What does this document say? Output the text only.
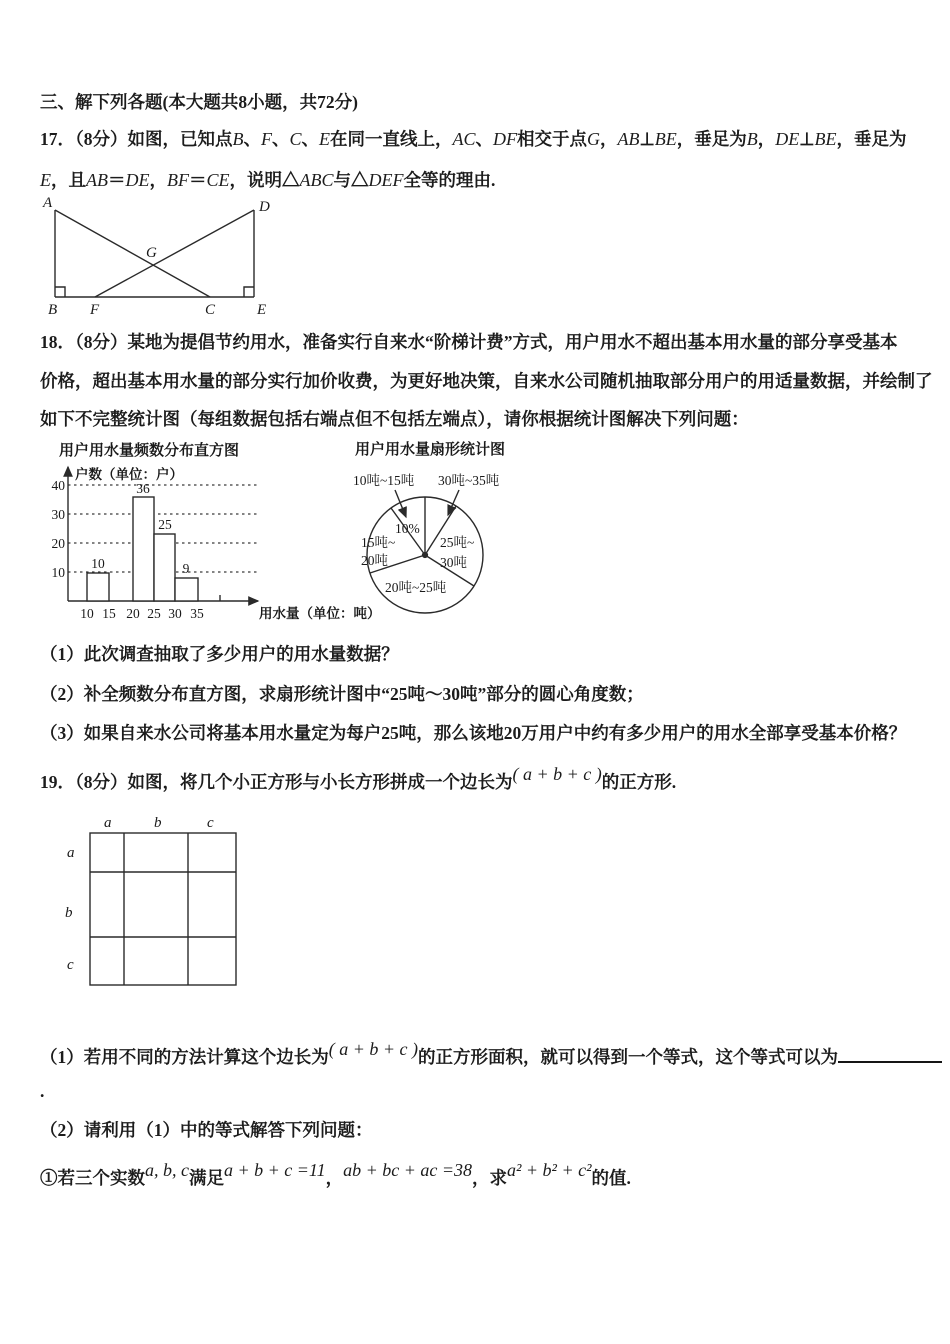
三、解下列各题(本大题共8小题，共72分)
17．（8分）如图，已知点B、F、C、E在同一直线上，AC、DF相交于点G，AB⊥BE，垂足为B，DE⊥BE，垂足为
E，且AB＝DE，BF＝CE，说明△ABC与△DEF全等的理由.
A	D
G
B F	C	E
18．（8分）某地为提倡节约用水，准备实行自来水“阶梯计费”方式，用户用水不超出基本用水量的部分享受基本
价格，超出基本用水量的部分实行加价收费，为更好地决策，自来水公司随机抽取部分用户的用适量数据，并绘制了
如下不完整统计图（每组数据包括右端点但不包括左端点），请你根据统计图解决下列问题：
用户用水量频数分布直方图
户数（单位：户）
10
36
25
9
40
30
20
10
10 15 20 25 30 35	用水量（单位：吨）
用户用水量扇形统计图
10吨~15吨 30吨~35吨
10%
15吨~
20吨
25吨~
30吨
20吨~25吨
（1）此次调查抽取了多少用户的用水量数据？
（2）补全频数分布直方图，求扇形统计图中“25吨～30吨”部分的圆心角度数；
（3）如果自来水公司将基本用水量定为每户25吨，那么该地20万用户中约有多少用户的用水全部享受基本价格？
19．（8分）如图，将几个小正方形与小长方形拼成一个边长为( a + b + c )的正方形.
a	b	c
a
b
c
（1）若用不同的方法计算这个边长为( a + b + c )的正方形面积，就可以得到一个等式，这个等式可以为
.
（2）请利用（1）中的等式解答下列问题：
①若三个实数a, b, c满足a + b + c =11，ab + bc + ac =38，求a² + b² + c²的值.
